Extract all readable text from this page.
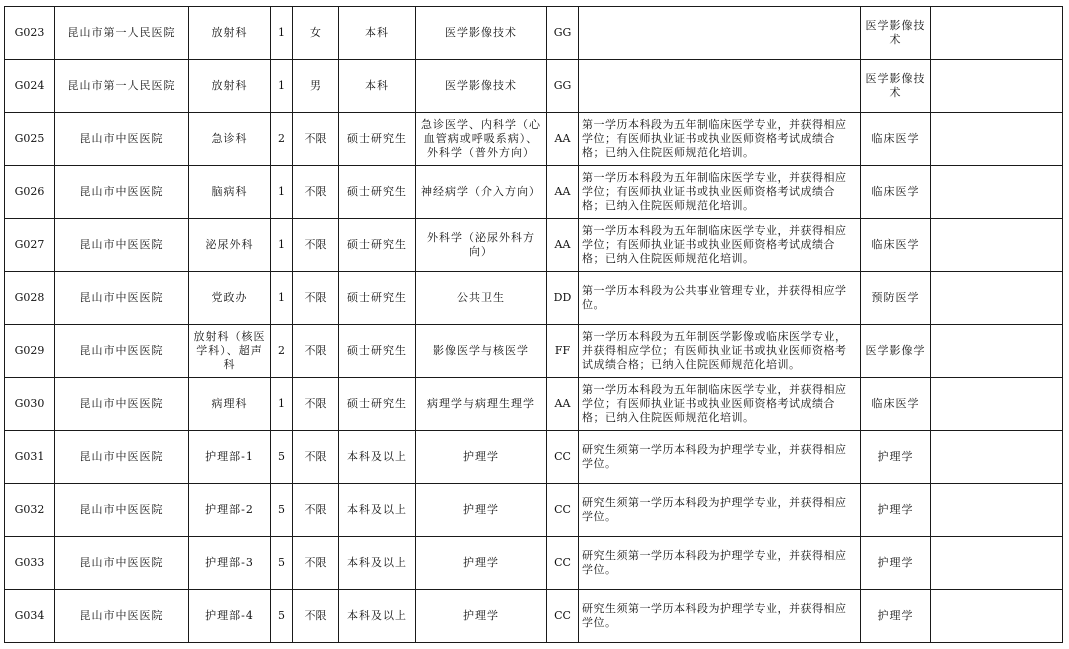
G023	昆山市第一人民医院	放射科	1	女	本科	医学影像技术	GG		医学影像技术	
G024	昆山市第一人民医院	放射科	1	男	本科	医学影像技术	GG		医学影像技术	
G025	昆山市中医医院	急诊科	2	不限	硕士研究生	急诊医学、内科学（心血管病或呼吸系病）、外科学（普外方向）	AA	第一学历本科段为五年制临床医学专业，并获得相应学位；有医师执业证书或执业医师资格考试成绩合格；已纳入住院医师规范化培训。	临床医学	
G026	昆山市中医医院	脑病科	1	不限	硕士研究生	神经病学（介入方向）	AA	第一学历本科段为五年制临床医学专业，并获得相应学位；有医师执业证书或执业医师资格考试成绩合格；已纳入住院医师规范化培训。	临床医学	
G027	昆山市中医医院	泌尿外科	1	不限	硕士研究生	外科学（泌尿外科方向）	AA	第一学历本科段为五年制临床医学专业，并获得相应学位；有医师执业证书或执业医师资格考试成绩合格；已纳入住院医师规范化培训。	临床医学	
G028	昆山市中医医院	党政办	1	不限	硕士研究生	公共卫生	DD	第一学历本科段为公共事业管理专业，并获得相应学位。	预防医学	
G029	昆山市中医医院	放射科（核医学科）、超声科	2	不限	硕士研究生	影像医学与核医学	FF	第一学历本科段为五年制医学影像或临床医学专业，并获得相应学位；有医师执业证书或执业医师资格考试成绩合格；已纳入住院医师规范化培训。	医学影像学	
G030	昆山市中医医院	病理科	1	不限	硕士研究生	病理学与病理生理学	AA	第一学历本科段为五年制临床医学专业，并获得相应学位；有医师执业证书或执业医师资格考试成绩合格；已纳入住院医师规范化培训。	临床医学	
G031	昆山市中医医院	护理部-1	5	不限	本科及以上	护理学	CC	研究生须第一学历本科段为护理学专业，并获得相应学位。	护理学	
G032	昆山市中医医院	护理部-2	5	不限	本科及以上	护理学	CC	研究生须第一学历本科段为护理学专业，并获得相应学位。	护理学	
G033	昆山市中医医院	护理部-3	5	不限	本科及以上	护理学	CC	研究生须第一学历本科段为护理学专业，并获得相应学位。	护理学	
G034	昆山市中医医院	护理部-4	5	不限	本科及以上	护理学	CC	研究生须第一学历本科段为护理学专业，并获得相应学位。	护理学	
